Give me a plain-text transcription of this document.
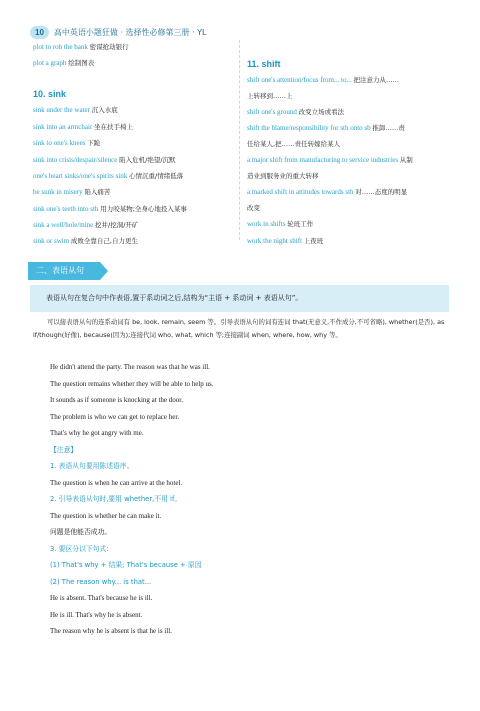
10	高中英语小题狂做 · 选择性必修第三册 · YL
plot to rob the bank 密谋抢劫银行
plot a graph 绘制图表
10. sink
sink under the water 沉入水底
sink into an armchair 坐在扶手椅上
sink to one's knees 下跪
sink into crisis/despair/silence 陷入危机/绝望/沉默
one's heart sinks/one's spirits sink 心情沉重/情绪低落
be sunk in misery 陷入痛苦
sink one's teeth into sth 用力咬某物;全身心地投入某事
sink a well/hole/mine 挖井/挖洞/开矿
sink or swim 成败全靠自己,自力更生
11. shift
shift one's attention/focus from... to... 把注意力从……
上转移到……上
shift one's ground 改变立场或看法
shift the blame/responsibility for sth onto sb 推卸……责
任给某人,把……责任转嫁给某人
a major shift from manufacturing to service industries 从制
造业到服务业的重大转移
a marked shift in attitudes towards sth 对……态度的明显
改变
work in shifts 轮班工作
work the night shift 上夜班
二、表语从句
表语从句在复合句中作表语,置于系动词之后,结构为“主语 + 系动词 + 表语从句”。
可以接表语从句的连系动词有 be, look, remain, seem 等。引导表语从句的词有连词 that(无意义,不作成分,不可省略), whether(是否), as if/though(好像), because(因为);连接代词 who, what, which 等;连接副词 when, where, how, why 等。
He didn't attend the party. The reason was that he was ill.
The question remains whether they will be able to help us.
It sounds as if someone is knocking at the door.
The problem is who we can get to replace her.
That's why he got angry with me.
【注意】
1. 表语从句要用陈述语序。
The question is when he can arrive at the hotel.
2. 引导表语从句时,要用 whether,不用 if。
The question is whether he can make it.
问题是他能否成功。
3. 要区分以下句式:
(1) That's why + 结果; That's because + 原因
(2) The reason why... is that...
He is absent. That's because he is ill.
He is ill. That's why he is absent.
The reason why he is absent is that he is ill.
